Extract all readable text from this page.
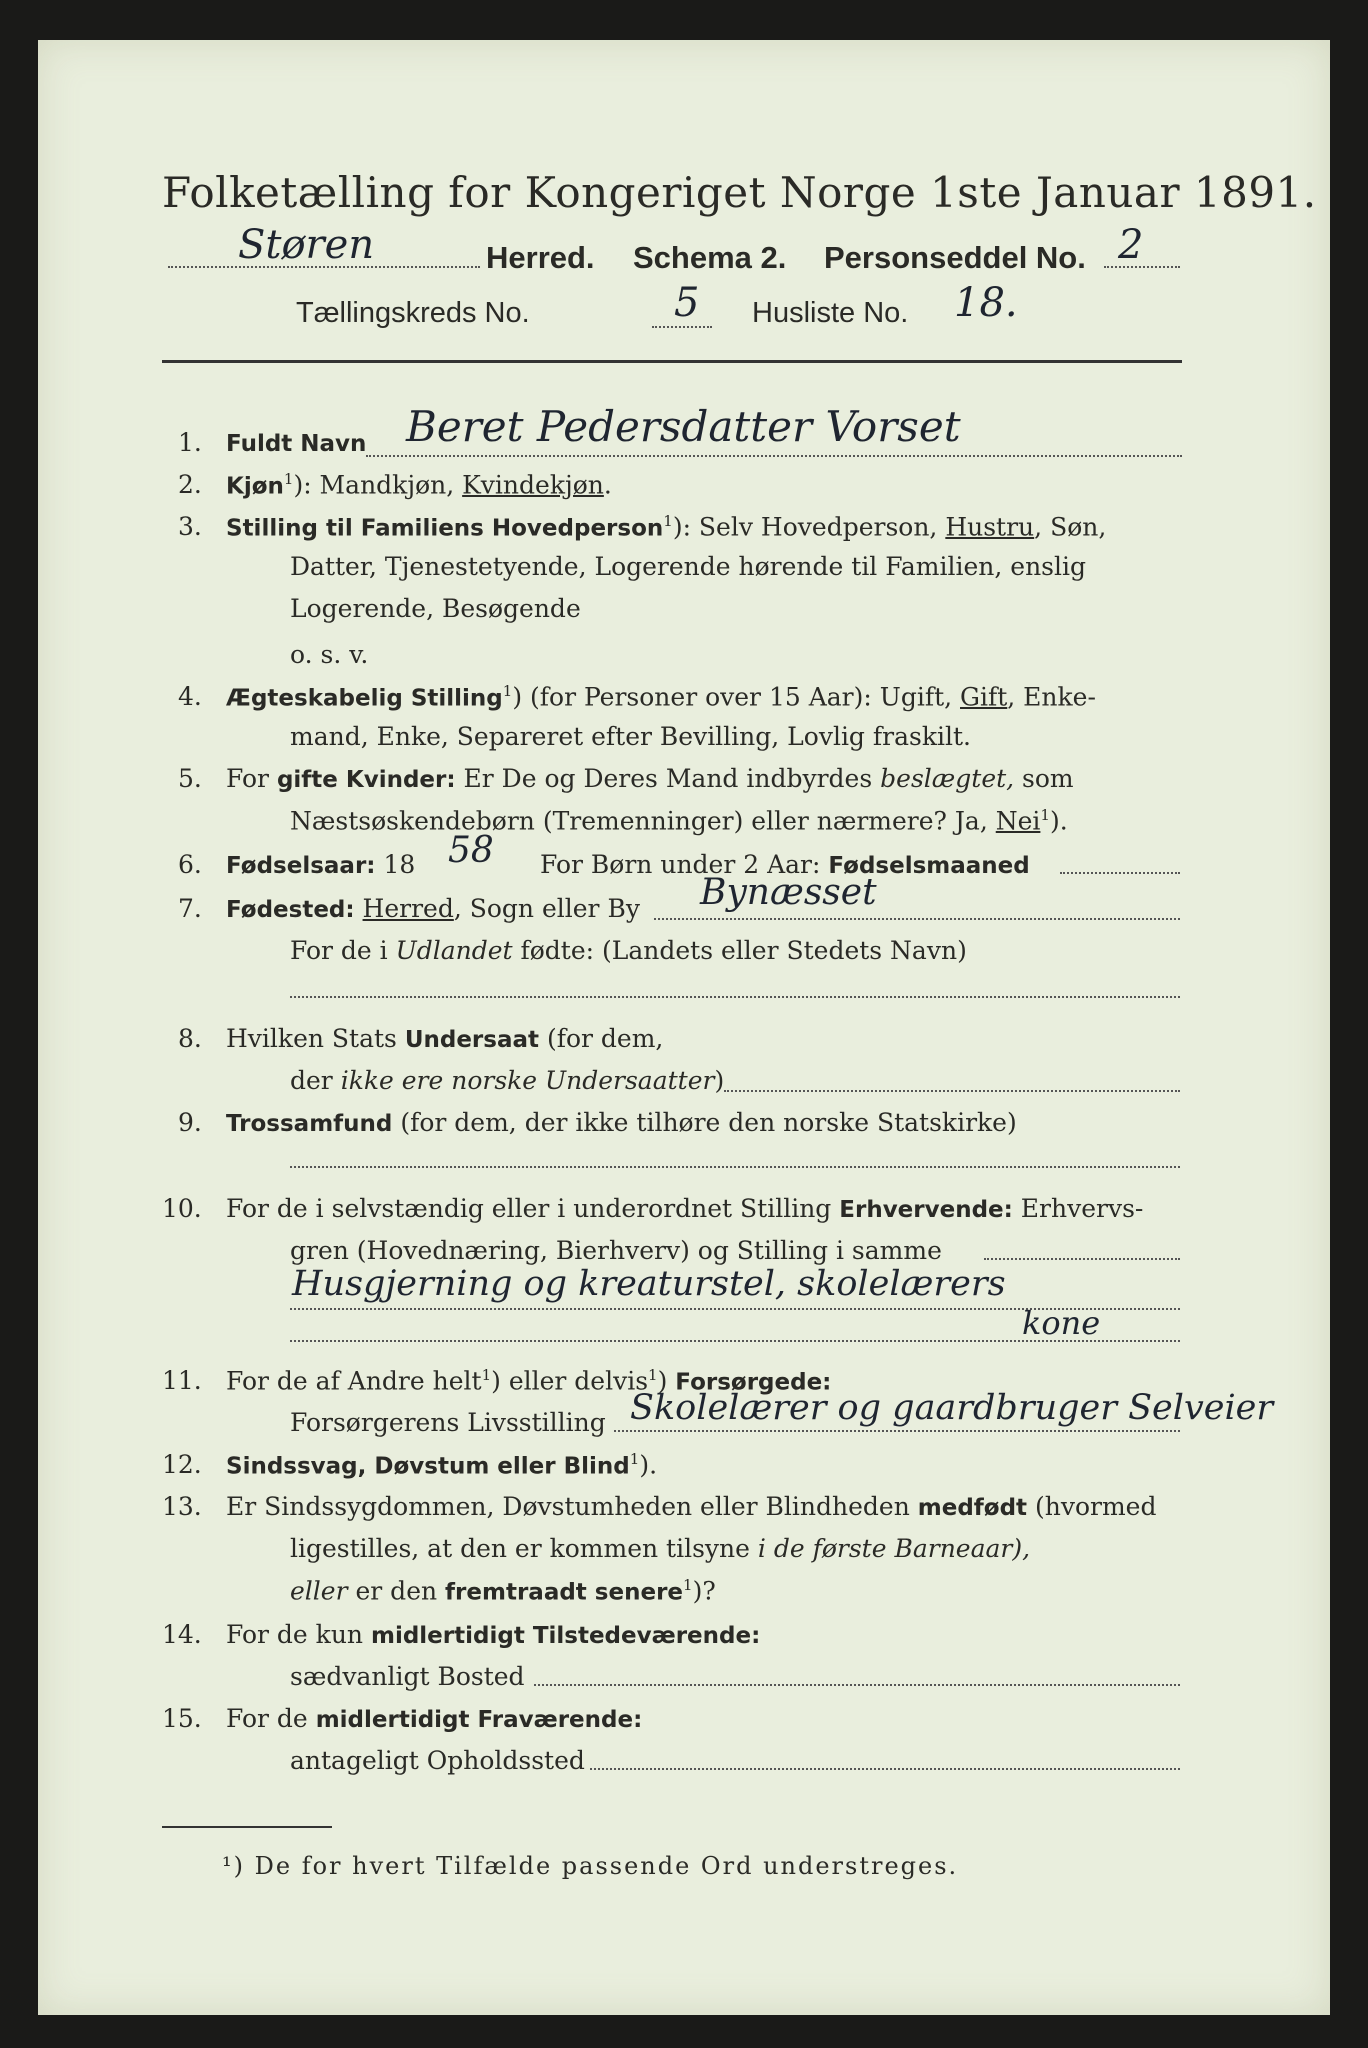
Folketælling for Kongeriget Norge 1ste Januar 1891.
Støren	Herred. Schema 2. Personseddel No. 2
Tællingskreds No.	5 Husliste No. 18.
1. Fuldt Navn Beret Pedersdatter Vorset
2. Kjøn$^1$): Mandkjøn, Kvindekjøn.
3. Stilling til Familiens Hovedperson$^1$): Selv Hovedperson, Hustru, Søn,
Datter, Tjenestetyende, Logerende hørende til Familien, enslig
Logerende, Besøgende
o. s. v.
4. Ægteskabelig Stilling$^1$) (for Personer over 15 Aar): Ugift, Gift, Enke-
mand, Enke, Separeret efter Bevilling, Lovlig fraskilt.
5. For gifte Kvinder: Er De og Deres Mand indbyrdes beslægtet, som
Næstsøskendebørn (Tremenninger) eller nærmere? Ja, Nei$^1$).
6. Fødselsaar: 18 58 For Børn under 2 Aar: Fødselsmaaned
7. Fødested: Herred, Sogn eller By Bynæsset
For de i Udlandet fødte: (Landets eller Stedets Navn)
8. Hvilken Stats Undersaat (for dem,
der ikke ere norske Undersaatter)
9. Trossamfund (for dem, der ikke tilhøre den norske Statskirke)
10. For de i selvstændig eller i underordnet Stilling Erhvervende: Erhvervs-
gren (Hovednæring, Bierhverv) og Stilling i samme
Husgjerning og kreaturstel, skolelærers
kone
11. For de af Andre helt$^1$) eller delvis$^1$) Forsørgede:
Forsørgerens Livsstilling Skolelærer og gaardbruger Selveier
12. Sindssvag, Døvstum eller Blind$^1$).
13. Er Sindssygdommen, Døvstumheden eller Blindheden medfødt (hvormed
ligestilles, at den er kommen tilsyne i de første Barneaar),
eller er den fremtraadt senere$^1$)?
14. For de kun midlertidigt Tilstedeværende:
sædvanligt Bosted
15. For de midlertidigt Fraværende:
antageligt Opholdssted
¹) De for hvert Tilfælde passende Ord understreges.
